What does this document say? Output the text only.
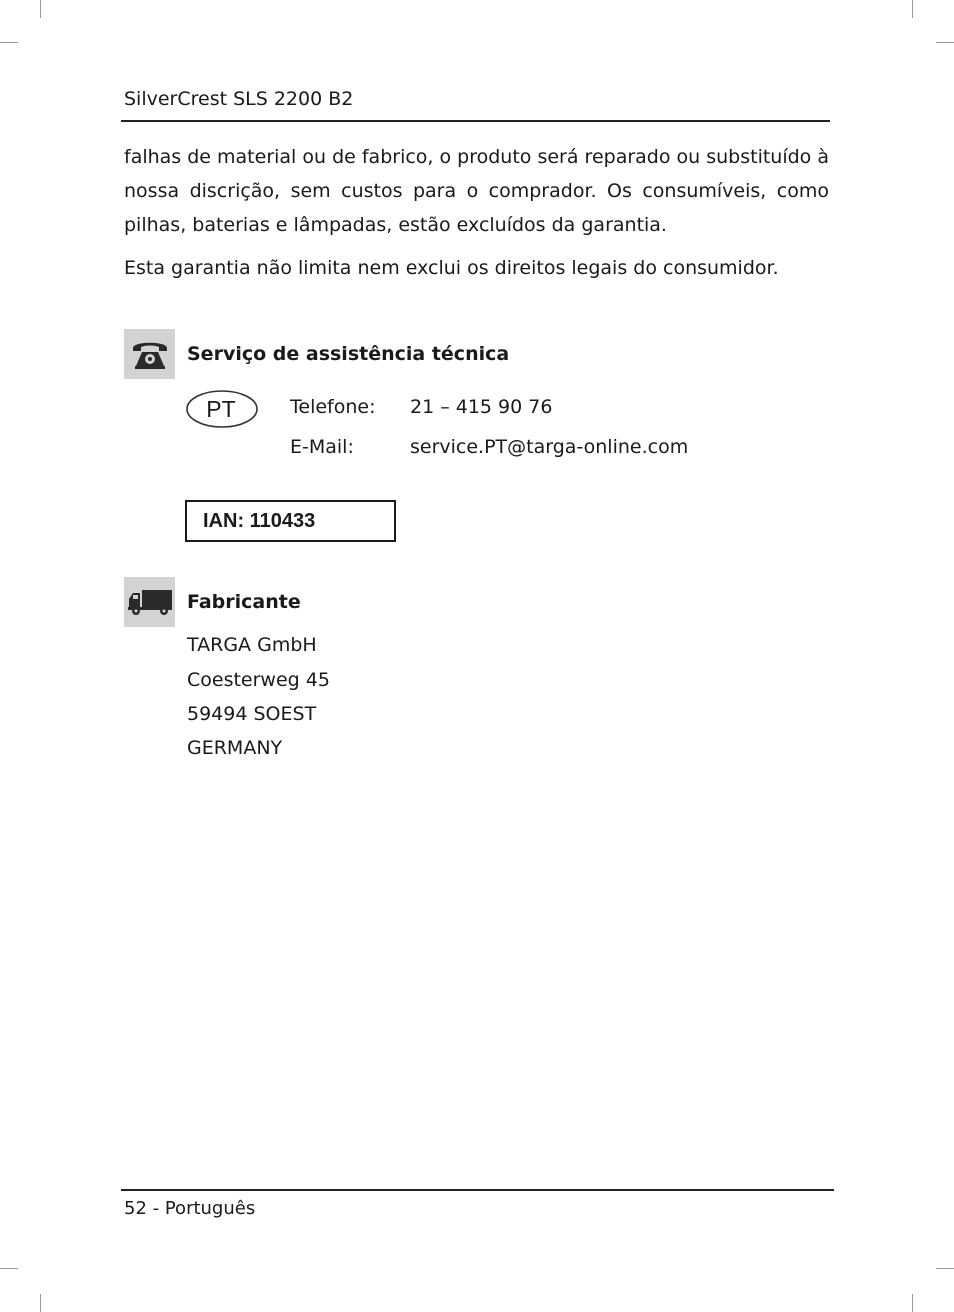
SilverCrest SLS 2200 B2
falhas de material ou de fabrico, o produto será reparado ou substituído à nossa discrição, sem custos para o comprador. Os consumíveis, como pilhas, baterias e lâmpadas, estão excluídos da garantia.
Esta garantia não limita nem exclui os direitos legais do consumidor.
Serviço de assistência técnica
PT	Telefone: 21 – 415 90 76
E-Mail:	service.PT@targa-online.com
IAN: 110433
Fabricante
TARGA GmbH
Coesterweg 45
59494 SOEST
GERMANY
52 - Português
